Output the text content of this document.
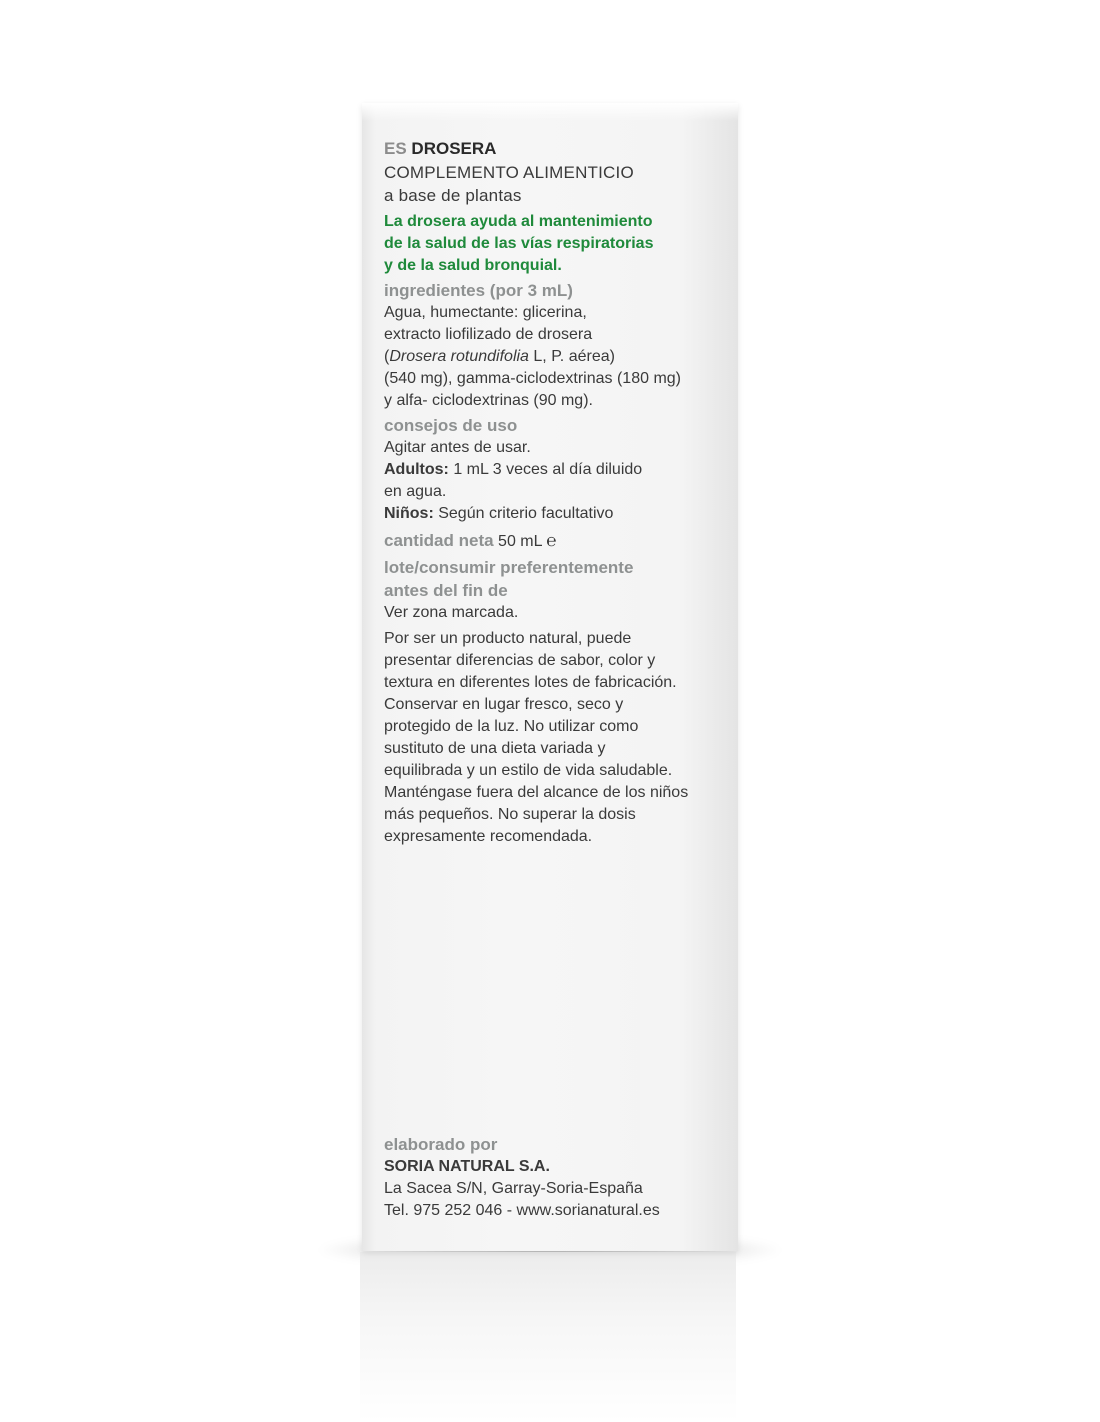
ES DROSERA
COMPLEMENTO ALIMENTICIO
a base de plantas
La drosera ayuda al mantenimiento
de la salud de las vías respiratorias
y de la salud bronquial.
ingredientes (por 3 mL)
Agua, humectante: glicerina,
extracto liofilizado de drosera
(Drosera rotundifolia L, P. aérea)
(540 mg), gamma-ciclodextrinas (180 mg)
y alfa- ciclodextrinas (90 mg).
consejos de uso
Agitar antes de usar.
Adultos: 1 mL 3 veces al día diluido
en agua.
Niños: Según criterio facultativo
cantidad neta 50 mL ℮
lote/consumir preferentemente
antes del fin de
Ver zona marcada.
Por ser un producto natural, puede
presentar diferencias de sabor, color y
textura en diferentes lotes de fabricación.
Conservar en lugar fresco, seco y
protegido de la luz. No utilizar como
sustituto de una dieta variada y
equilibrada y un estilo de vida saludable.
Manténgase fuera del alcance de los niños
más pequeños. No superar la dosis
expresamente recomendada.
elaborado por
SORIA NATURAL S.A.
La Sacea S/N, Garray-Soria-España
Tel. 975 252 046 - www.sorianatural.es
